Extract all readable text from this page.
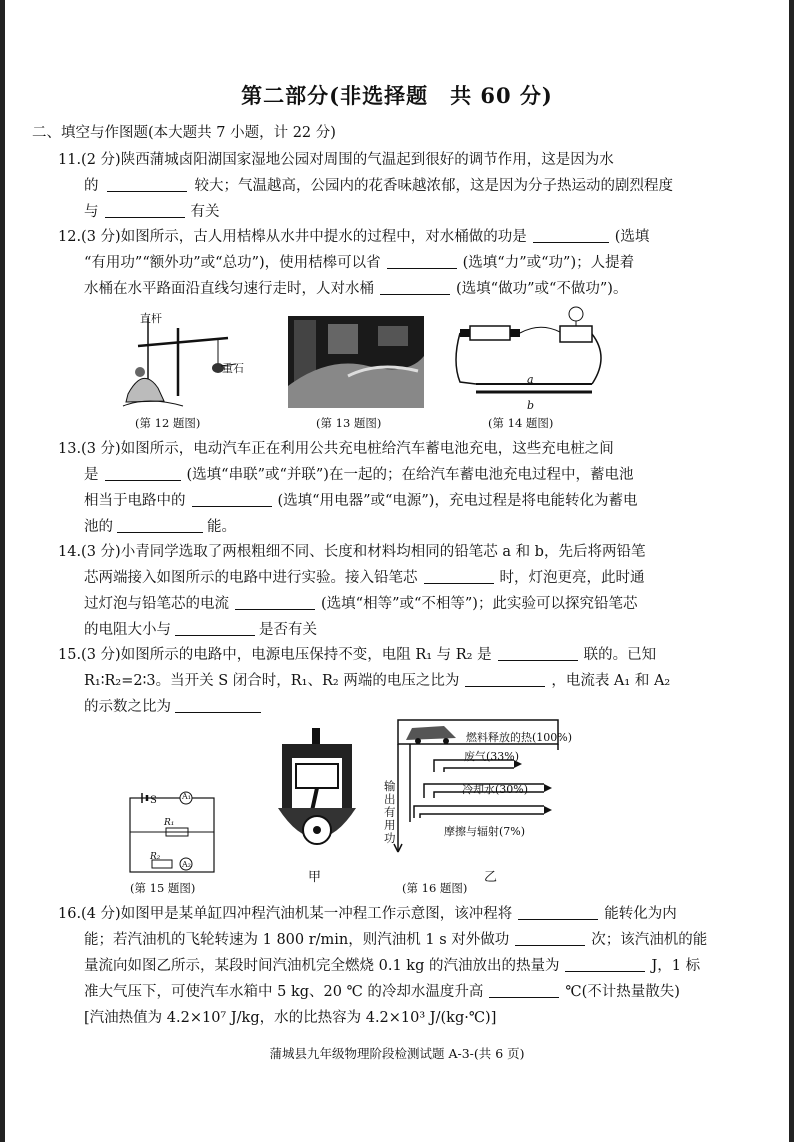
第二部分(非选择题　共 60 分)
二、填空与作图题(本大题共 7 小题，计 22 分)
11.(2 分)陕西蒲城卤阳湖国家湿地公园对周围的气温起到很好的调节作用，这是因为水
的	较大；气温越高，公园内的花香味越浓郁，这是因为分子热运动的剧烈程度
与	有关
12.(3 分)如图所示，古人用桔槔从水井中提水的过程中，对水桶做的功是	(选填
“有用功”“额外功”或“总功”)，使用桔槔可以省	(选填“力”或“功”)；人提着
水桶在水平路面沿直线匀速行走时，人对水桶	(选填“做功”或“不做功”)。
直杆
重石
(第 12 题图)	(第 13 题图)
a
b
(第 14 题图)
13.(3 分)如图所示，电动汽车正在利用公共充电桩给汽车蓄电池充电，这些充电桩之间
是	(选填“串联”或“并联”)在一起的；在给汽车蓄电池充电过程中，蓄电池
相当于电路中的	(选填“用电器”或“电源”)，充电过程是将电能转化为蓄电
池的	能。
14.(3 分)小青同学选取了两根粗细不同、长度和材料均相同的铅笔芯 a 和 b，先后将两铅笔
芯两端接入如图所示的电路中进行实验。接入铅笔芯	时，灯泡更亮，此时通
过灯泡与铅笔芯的电流	(选填“相等”或“不相等”)；此实验可以探究铅笔芯
的电阻大小与	是否有关
15.(3 分)如图所示的电路中，电源电压保持不变，电阻 R₁ 与 R₂ 是	联的。已知
R₁∶R₂=2∶3。当开关 S 闭合时，R₁、R₂ 两端的电压之比为	，电流表 A₁ 和 A₂
的示数之比为
S	A₁
R₁
R₂
A₂
(第 15 题图)
甲
燃料释放的热(100%)
废气(33%)
冷却水(30%)
摩擦与辐射(7%)
输出有用功
(第 16 题图)
乙
16.(4 分)如图甲是某单缸四冲程汽油机某一冲程工作示意图，该冲程将	能转化为内
能；若汽油机的飞轮转速为 1 800 r/min，则汽油机 1 s 对外做功	次；该汽油机的能
量流向如图乙所示，某段时间汽油机完全燃烧 0.1 kg 的汽油放出的热量为	J，1 标
准大气压下，可使汽车水箱中 5 kg、20 ℃ 的冷却水温度升高	℃(不计热量散失)
[汽油热值为 4.2×10⁷ J/kg，水的比热容为 4.2×10³ J/(kg·℃)]
蒲城县九年级物理阶段检测试题 A-3-(共 6 页)
